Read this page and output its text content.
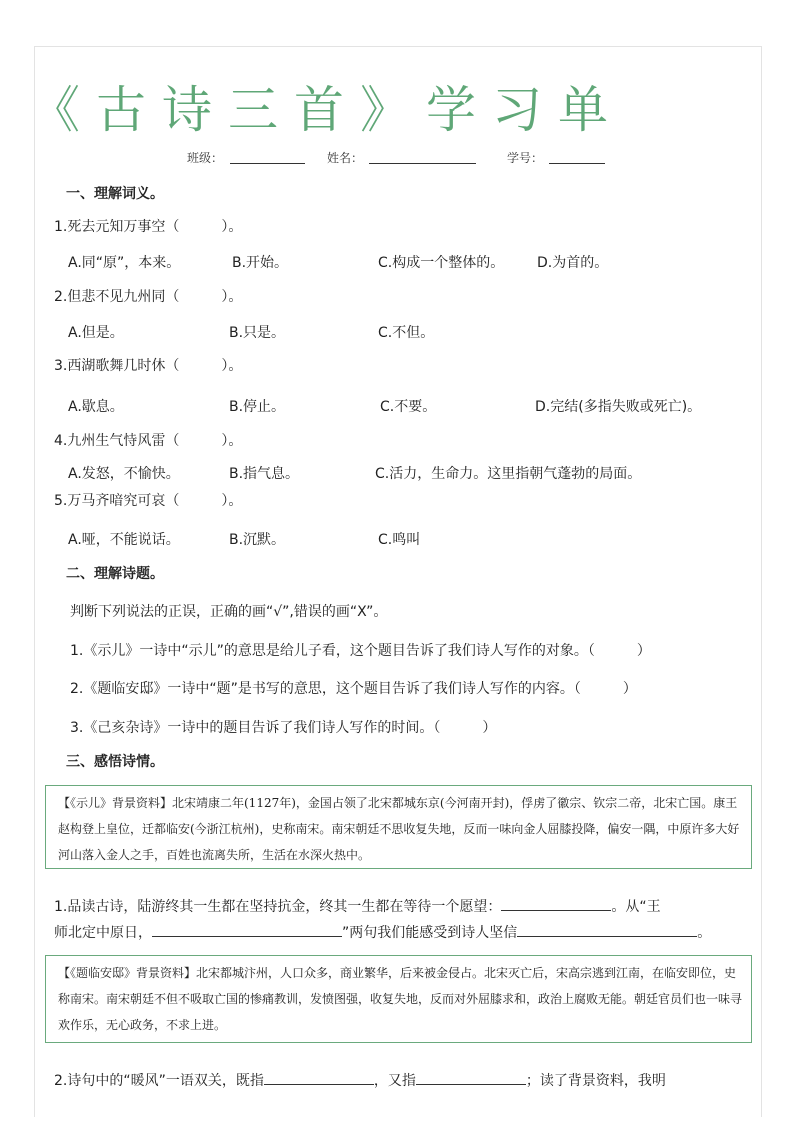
《古诗三首》学习单
班级：	姓名：	学号：
一、理解词义。
1.死去元知万事空（　　　）。
A.同“原”，本来。	B.开始。	C.构成一个整体的。 D.为首的。
2.但悲不见九州同（　　　）。
A.但是。	B.只是。	C.不但。
3.西湖歌舞几时休（　　　）。
A.歇息。	B.停止。	C.不要。	D.完结(多指失败或死亡)。
4.九州生气恃风雷（　　　）。
A.发怒，不愉快。	B.指气息。	C.活力，生命力。这里指朝气蓬勃的局面。
5.万马齐喑究可哀（　　　）。
A.哑，不能说话。	B.沉默。	C.鸣叫
二、理解诗题。
判断下列说法的正误，正确的画“√”,错误的画“X”。
1.《示儿》一诗中“示儿”的意思是给儿子看，这个题目告诉了我们诗人写作的对象。（　　　）
2.《题临安邸》一诗中“题”是书写的意思，这个题目告诉了我们诗人写作的内容。（　　　）
3.《己亥杂诗》一诗中的题目告诉了我们诗人写作的时间。（　　　）
三、感悟诗情。
【《示儿》背景资料】北宋靖康二年(1127年)，金国占领了北宋都城东京(今河南开封)，俘虏了徽宗、钦宗二帝，北宋亡国。康王赵构登上皇位，迁都临安(今浙江杭州)，史称南宋。南宋朝廷不思收复失地，反而一味向金人屈膝投降，偏安一隅，中原许多大好河山落入金人之手，百姓也流离失所，生活在水深火热中。
1.品读古诗，陆游终其一生都在坚持抗金，终其一生都在等待一个愿望：	。从“王
师北定中原日，	”两句我们能感受到诗人坚信	。
【《题临安邸》背景资料】北宋都城汴州，人口众多，商业繁华，后来被金侵占。北宋灭亡后，宋高宗逃到江南，在临安即位，史称南宋。南宋朝廷不但不吸取亡国的惨痛教训，发愤图强，收复失地，反而对外屈膝求和，政治上腐败无能。朝廷官员们也一味寻欢作乐，无心政务，不求上进。
2.诗句中的“暖风”一语双关，既指	，又指	；读了背景资料，我明
